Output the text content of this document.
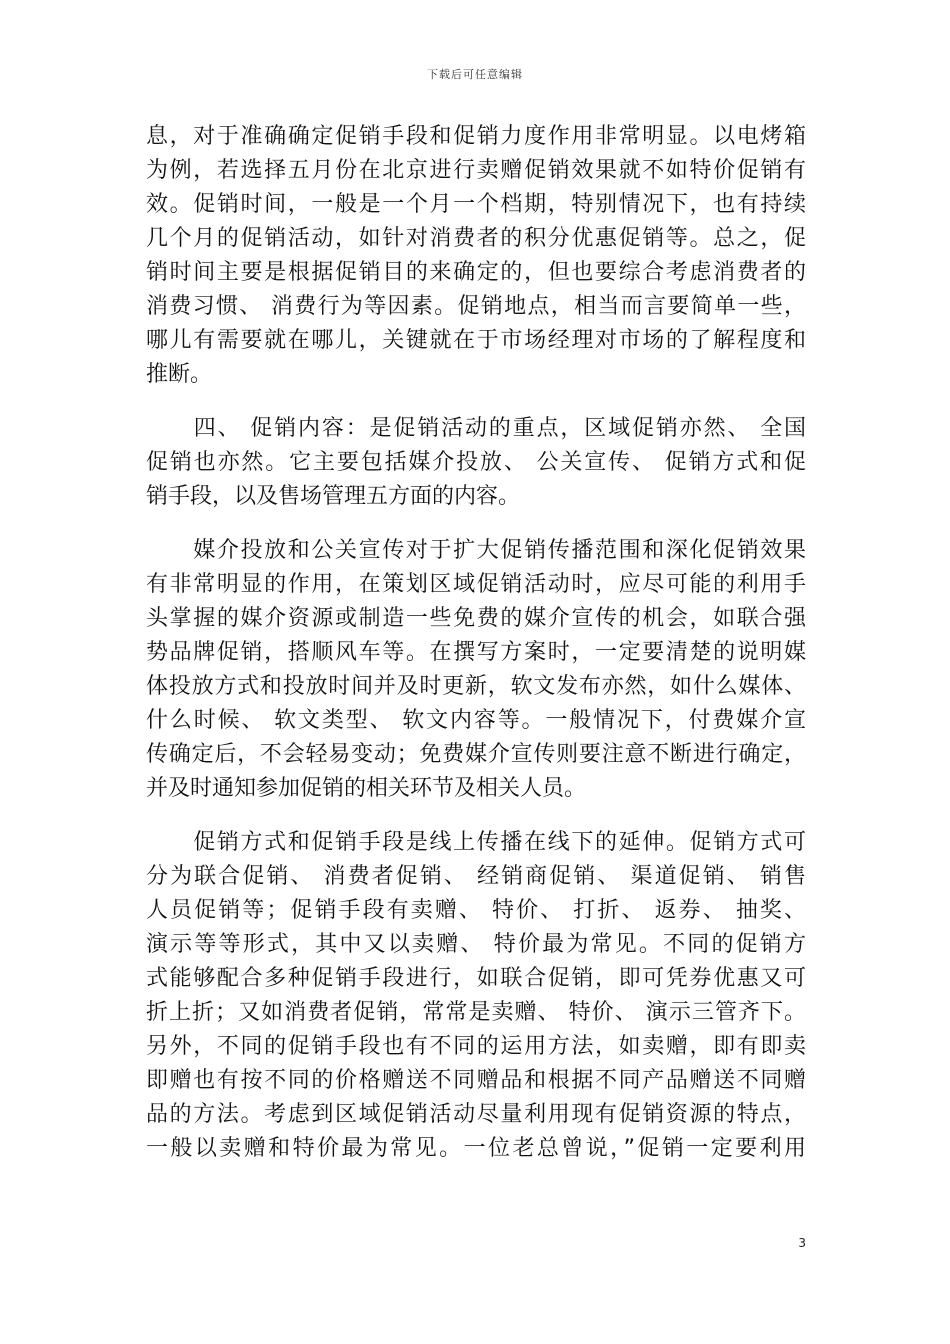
下载后可任意编辑
息，对于准确确定促销手段和促销力度作用非常明显。以电烤箱
为例，若选择五月份在北京进行卖赠促销效果就不如特价促销有
效。促销时间，一般是一个月一个档期，特别情况下，也有持续
几个月的促销活动，如针对消费者的积分优惠促销等。总之，促
销时间主要是根据促销目的来确定的，但也要综合考虑消费者的
消费习惯、 消费行为等因素。促销地点，相当而言要简单一些，
哪儿有需要就在哪儿，关键就在于市场经理对市场的了解程度和
推断。
　　四、 促销内容：是促销活动的重点，区域促销亦然、 全国
促销也亦然。它主要包括媒介投放、 公关宣传、 促销方式和促
销手段，以及售场管理五方面的内容。
　　媒介投放和公关宣传对于扩大促销传播范围和深化促销效果
有非常明显的作用，在策划区域促销活动时，应尽可能的利用手
头掌握的媒介资源或制造一些免费的媒介宣传的机会，如联合强
势品牌促销，搭顺风车等。在撰写方案时，一定要清楚的说明媒
体投放方式和投放时间并及时更新，软文发布亦然，如什么媒体、
什么时候、 软文类型、 软文内容等。一般情况下，付费媒介宣
传确定后，不会轻易变动；免费媒介宣传则要注意不断进行确定，
并及时通知参加促销的相关环节及相关人员。
　　促销方式和促销手段是线上传播在线下的延伸。促销方式可
分为联合促销、 消费者促销、 经销商促销、 渠道促销、 销售
人员促销等；促销手段有卖赠、 特价、 打折、 返券、 抽奖、
演示等等形式，其中又以卖赠、 特价最为常见。不同的促销方
式能够配合多种促销手段进行，如联合促销，即可凭券优惠又可
折上折；又如消费者促销，常常是卖赠、 特价、 演示三管齐下。
另外，不同的促销手段也有不同的运用方法，如卖赠，即有即卖
即赠也有按不同的价格赠送不同赠品和根据不同产品赠送不同赠
品的方法。考虑到区域促销活动尽量利用现有促销资源的特点，
一般以卖赠和特价最为常见。一位老总曾说，”促销一定要利用
3
